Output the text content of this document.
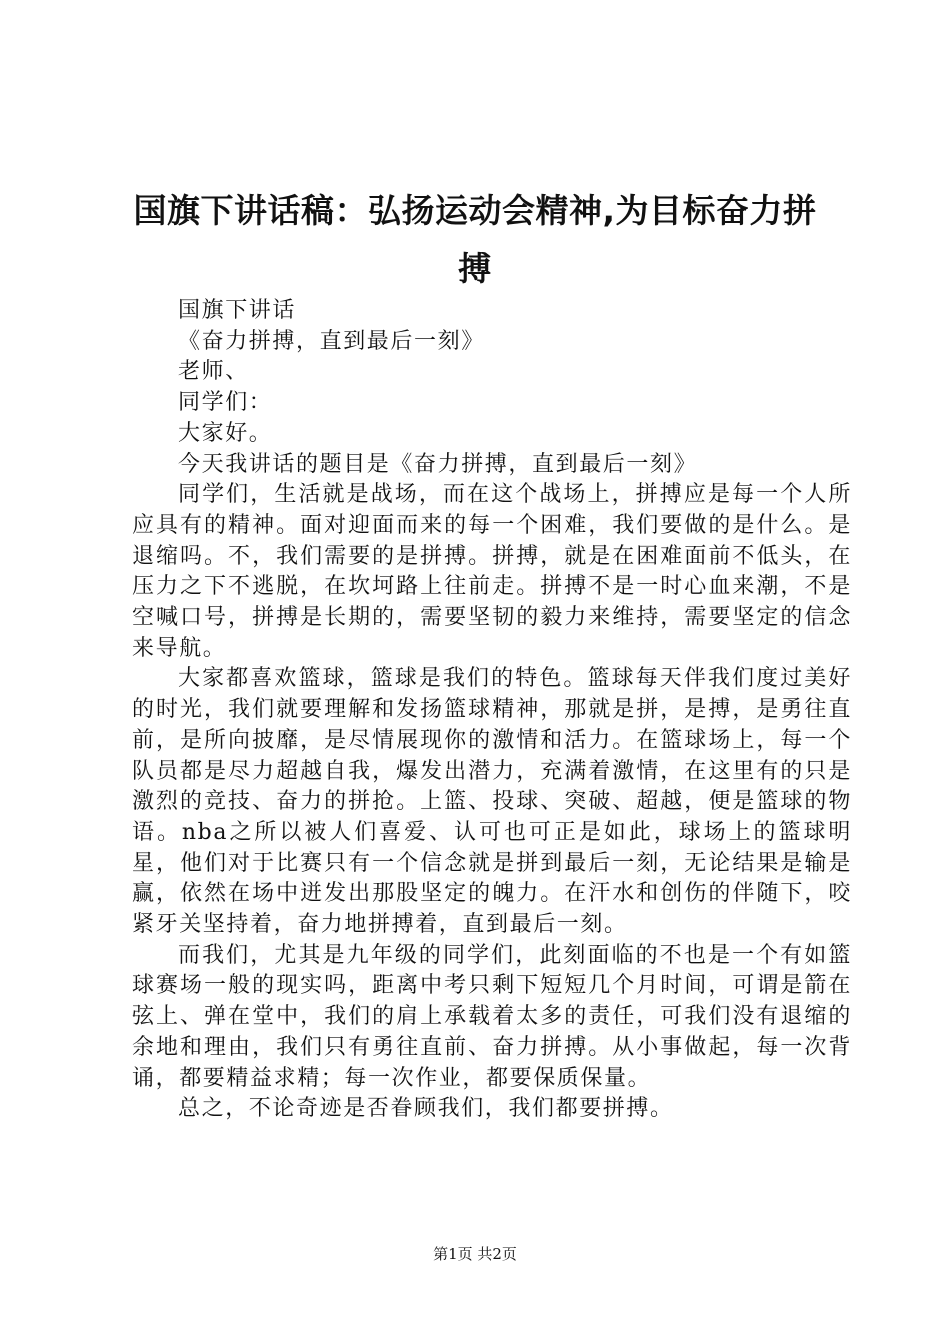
国旗下讲话稿：弘扬运动会精神,为目标奋力拼搏

国旗下讲话

《奋力拼搏，直到最后一刻》

老师、

同学们：

大家好。

今天我讲话的题目是《奋力拼搏，直到最后一刻》

同学们，生活就是战场，而在这个战场上，拼搏应是每一个人所应具有的精神。面对迎面而来的每一个困难，我们要做的是什么。是退缩吗。不，我们需要的是拼搏。拼搏，就是在困难面前不低头，在压力之下不逃脱，在坎坷路上往前走。拼搏不是一时心血来潮，不是空喊口号，拼搏是长期的，需要坚韧的毅力来维持，需要坚定的信念来导航。

大家都喜欢篮球，篮球是我们的特色。篮球每天伴我们度过美好的时光，我们就要理解和发扬篮球精神，那就是拼，是搏，是勇往直前，是所向披靡，是尽情展现你的激情和活力。在篮球场上，每一个队员都是尽力超越自我，爆发出潜力，充满着激情，在这里有的只是激烈的竞技、奋力的拼抢。上篮、投球、突破、超越，便是篮球的物语。nba之所以被人们喜爱、认可也可正是如此，球场上的篮球明星，他们对于比赛只有一个信念就是拼到最后一刻，无论结果是输是赢，依然在场中迸发出那股坚定的魄力。在汗水和创伤的伴随下，咬紧牙关坚持着，奋力地拼搏着，直到最后一刻。

而我们，尤其是九年级的同学们，此刻面临的不也是一个有如篮球赛场一般的现实吗，距离中考只剩下短短几个月时间，可谓是箭在弦上、弹在堂中，我们的肩上承载着太多的责任，可我们没有退缩的余地和理由，我们只有勇往直前、奋力拼搏。从小事做起，每一次背诵，都要精益求精；每一次作业，都要保质保量。

总之，不论奇迹是否眷顾我们，我们都要拼搏。

第1页 共2页
